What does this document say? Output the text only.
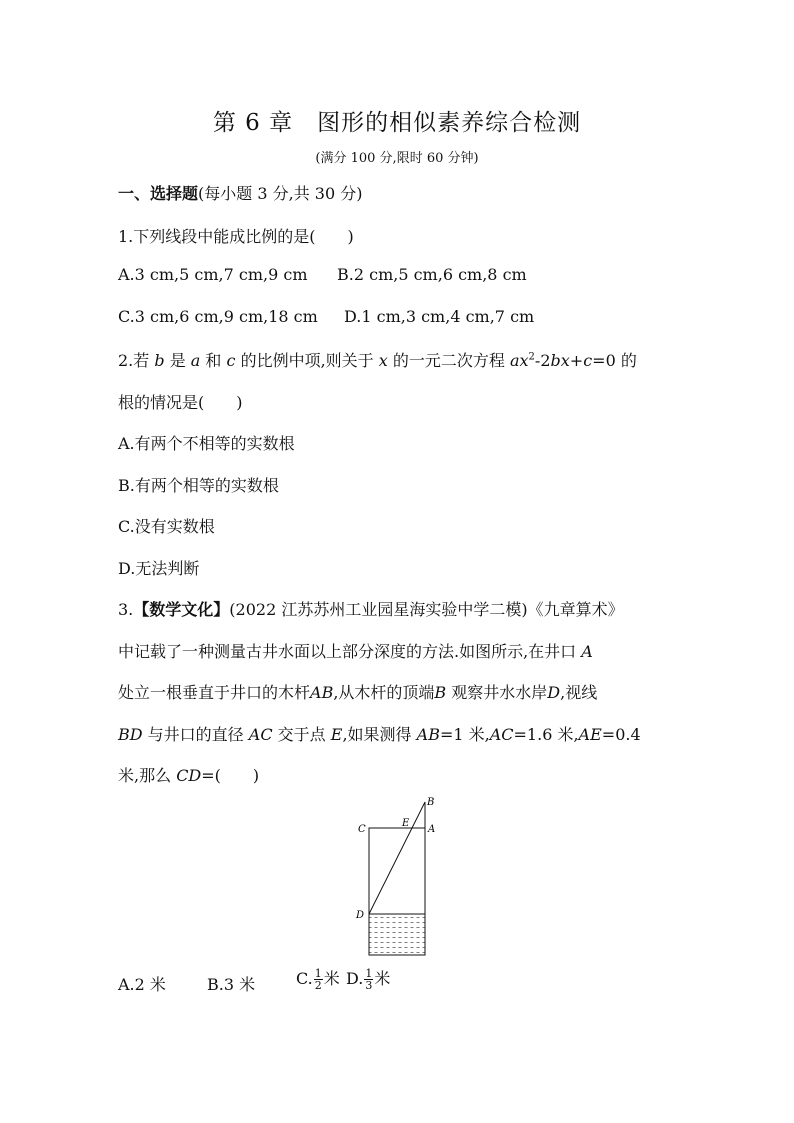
第 6 章　图形的相似素养综合检测
(满分 100 分,限时 60 分钟)
一、选择题(每小题 3 分,共 30 分)
1.下列线段中能成比例的是(　　)
A.3 cm,5 cm,7 cm,9 cm B.2 cm,5 cm,6 cm,8 cm
C.3 cm,6 cm,9 cm,18 cm D.1 cm,3 cm,4 cm,7 cm
2.若 b 是 a 和 c 的比例中项,则关于 x 的一元二次方程 $ax^2-2bx+c=0$ 的
根的情况是(　　)
A.有两个不相等的实数根
B.有两个相等的实数根
C.没有实数根
D.无法判断
3.【数学文化】(2022 江苏苏州工业园星海实验中学二模)《九章算术》
中记载了一种测量古井水面以上部分深度的方法.如图所示,在井口 A
处立一根垂直于井口的木杆AB,从木杆的顶端B 观察井水水岸D,视线
BD 与井口的直径 AC 交于点 E,如果测得 AB=1 米,AC=1.6 米,AE=0.4
米,那么 CD=(　　)
B
C
E
A
D
A.2 米	B.3 米	C. $\frac{1}{2}$ 米 D. $\frac{1}{3}$ 米
